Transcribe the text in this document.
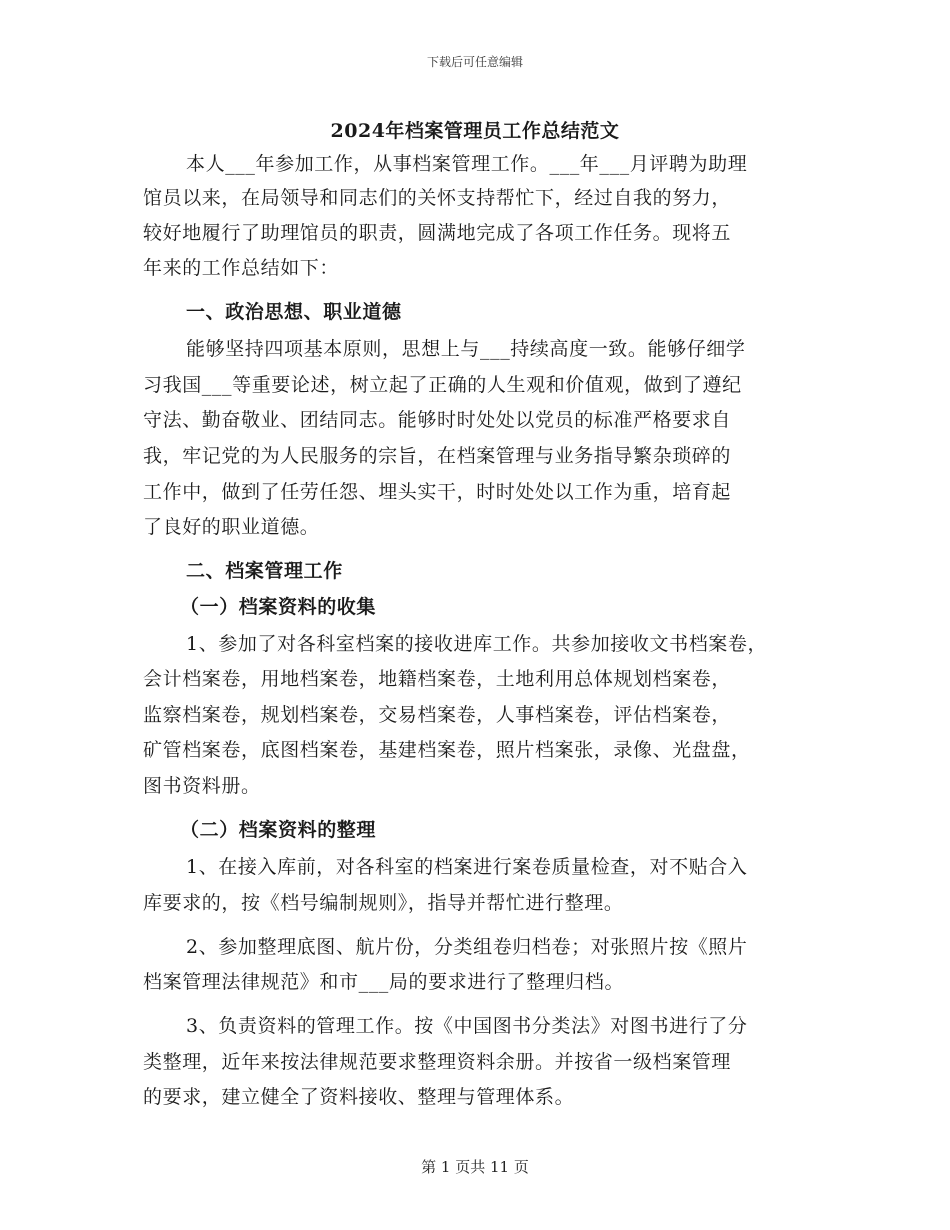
下载后可任意编辑
2024年档案管理员工作总结范文
本人___年参加工作，从事档案管理工作。___年___月评聘为助理
馆员以来，在局领导和同志们的关怀支持帮忙下，经过自我的努力，
较好地履行了助理馆员的职责，圆满地完成了各项工作任务。现将五
年来的工作总结如下：
一、政治思想、职业道德
能够坚持四项基本原则，思想上与___持续高度一致。能够仔细学
习我国___等重要论述，树立起了正确的人生观和价值观，做到了遵纪
守法、勤奋敬业、团结同志。能够时时处处以党员的标准严格要求自
我，牢记党的为人民服务的宗旨，在档案管理与业务指导繁杂琐碎的
工作中，做到了任劳任怨、埋头实干，时时处处以工作为重，培育起
了良好的职业道德。
二、档案管理工作
（一）档案资料的收集
1、参加了对各科室档案的接收进库工作。共参加接收文书档案卷，
会计档案卷，用地档案卷，地籍档案卷，土地利用总体规划档案卷，
监察档案卷，规划档案卷，交易档案卷，人事档案卷，评估档案卷，
矿管档案卷，底图档案卷，基建档案卷，照片档案张，录像、光盘盘，
图书资料册。
（二）档案资料的整理
1、在接入库前，对各科室的档案进行案卷质量检查，对不贴合入
库要求的，按《档号编制规则》，指导并帮忙进行整理。
2、参加整理底图、航片份，分类组卷归档卷；对张照片按《照片
档案管理法律规范》和市___局的要求进行了整理归档。
3、负责资料的管理工作。按《中国图书分类法》对图书进行了分
类整理，近年来按法律规范要求整理资料余册。并按省一级档案管理
的要求，建立健全了资料接收、整理与管理体系。
第 1 页共 11 页
